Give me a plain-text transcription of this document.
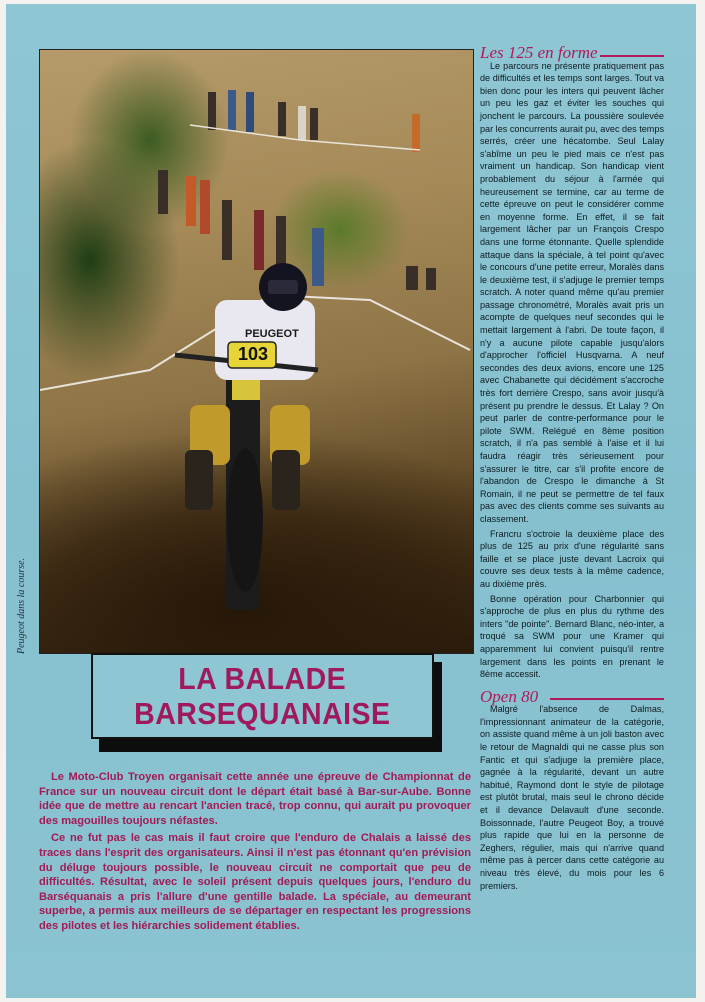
103
PEUGEOT
Peugeot dans la course.
LA BALADE
BARSEQUANAISE

Le Moto-Club Troyen organisait cette année une épreuve de Championnat de France sur un nouveau circuit dont le départ était basé à Bar-sur-Aube. Bonne idée que de mettre au rencart l'ancien tracé, trop connu, qui aurait pu provoquer des magouilles toujours néfastes.

Ce ne fut pas le cas mais il faut croire que l'enduro de Chalais a laissé des traces dans l'esprit des organisateurs. Ainsi il n'est pas étonnant qu'en prévision du déluge toujours possible, le nouveau circuit ne comportait que peu de difficultés. Résultat, avec le soleil présent depuis quelques jours, l'enduro du Barséquanais a pris l'allure d'une gentille balade. La spéciale, au demeurant superbe, a permis aux meilleurs de se départager en respectant les progressions des pilotes et les hiérarchies solidement établies.

Les 125 en forme

Le parcours ne présente pratiquement pas de difficultés et les temps sont larges. Tout va bien donc pour les inters qui peuvent lâcher un peu les gaz et éviter les souches qui jonchent le parcours. La poussière soulevée par les concurrents aurait pu, avec des temps serrés, créer une hécatombe. Seul Lalay s'abîme un peu le pied mais ce n'est pas vraiment un handicap. Son handicap vient probablement du séjour à l'armée qui heureusement se termine, car au terme de cette épreuve on peut le considérer comme en moyenne forme. En effet, il se fait largement lâcher par un François Crespo dans une forme étonnante. Quelle splendide attaque dans la spéciale, à tel point qu'avec le concours d'une petite erreur, Moralès dans le deuxième test, il s'adjuge le premier temps scratch. A noter quand même qu'au premier passage chronométré, Moralès avait pris un acompte de quelques neuf secondes qui le mettait largement à l'abri. De toute façon, il n'y a aucune pilote capable jusqu'alors d'approcher l'officiel Husqvarna. A neuf secondes des deux avions, encore une 125 avec Chabanette qui décidément s'accroche très fort derrière Crespo, sans avoir jusqu'à présent pu prendre le dessus. Et Lalay ? On peut parler de contre-performance pour le pilote SWM. Relégué en 8ème position scratch, il n'a pas semblé à l'aise et il lui faudra réagir très sérieusement pour s'assurer le titre, car s'il profite encore de l'abandon de Crespo le dimanche à St Romain, il ne peut se permettre de tel faux pas avec des clients comme ses suivants au classement.

Francru s'octroie la deuxième place des plus de 125 au prix d'une régularité sans faille et se place juste devant Lacroix qui couvre ses deux tests à la même cadence, au dixième près.

Bonne opération pour Charbonnier qui s'approche de plus en plus du rythme des inters "de pointe". Bernard Blanc, néo-inter, a troqué sa SWM pour une Kramer qui apparemment lui convient puisqu'il rentre largement dans les points en prenant le 8ème accessit.

Open 80

Malgré l'absence de Dalmas, l'impressionnant animateur de la catégorie, on assiste quand même à un joli baston avec le retour de Magnaldi qui ne casse plus son Fantic et qui s'adjuge la première place, gagnée à la régularité, devant un autre habitué, Raymond dont le style de pilotage est plutôt brutal, mais seul le chrono décide et il devance Delavault d'une seconde. Boissonnade, l'autre Peugeot Boy, a trouvé plus rapide que lui en la personne de Zeghers, régulier, mais qui n'arrive quand même pas à percer dans cette catégorie au niveau très élevé, du mois pour les 6 premiers.
